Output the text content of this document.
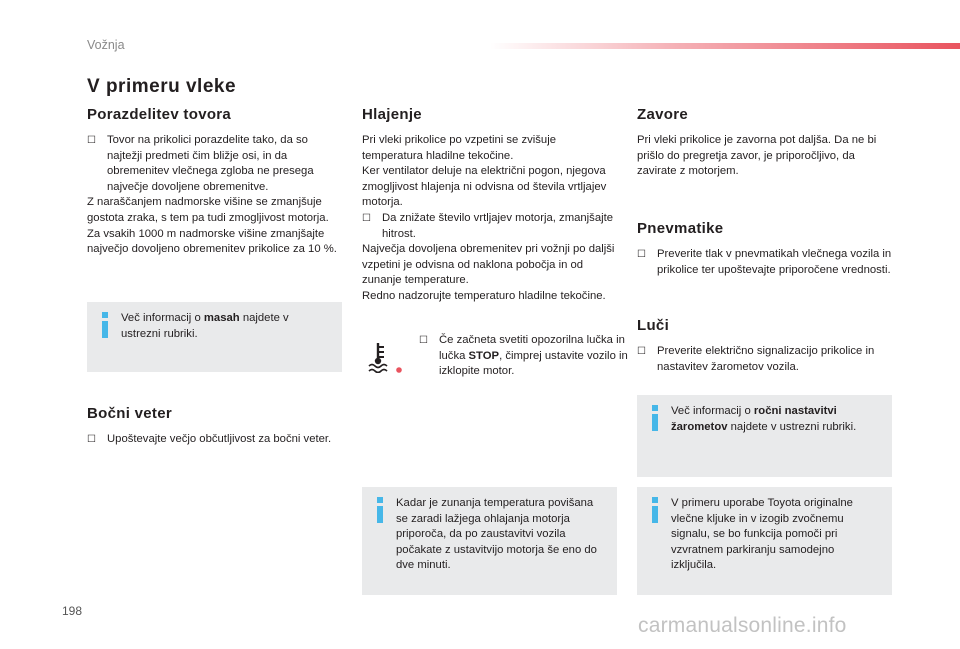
Vožnja
V primeru vleke
Porazdelitev tovora
☐ Tovor na prikolici porazdelite tako, da so najtežji predmeti čim bližje osi, in da obremenitev vlečnega zgloba ne presega največje dovoljene obremenitve.

Z naraščanjem nadmorske višine se zmanjšuje gostota zraka, s tem pa tudi zmogljivost motorja. Za vsakih 1000 m nadmorske višine zmanjšajte največjo dovoljeno obremenitev prikolice za 10 %.

Več informacij o masah najdete v ustrezni rubriki.
Bočni veter
☐ Upoštevajte večjo občutljivost za bočni veter.
Hlajenje

Pri vleki prikolice po vzpetini se zvišuje temperatura hladilne tekočine.

Ker ventilator deluje na električni pogon, njegova zmogljivost hlajenja ni odvisna od števila vrtljajev motorja.

☐ Da znižate število vrtljajev motorja, zmanjšajte hitrost.

Največja dovoljena obremenitev pri vožnji po daljši vzpetini je odvisna od naklona pobočja in od zunanje temperature.

Redno nadzorujte temperaturo hladilne tekočine.

☐ Če začneta svetiti opozorilna lučka in lučka STOP, čimprej ustavite vozilo in izklopite motor.
Kadar je zunanja temperatura povišana se zaradi lažjega ohlajanja motorja priporoča, da po zaustavitvi vozila počakate z ustavitvijo motorja še eno do dve minuti.
Zavore

Pri vleki prikolice je zavorna pot daljša. Da ne bi prišlo do pregretja zavor, je priporočljivo, da zavirate z motorjem.

Pnevmatike
☐ Preverite tlak v pnevmatikah vlečnega vozila in prikolice ter upoštevajte priporočene vrednosti.
Luči
☐ Preverite električno signalizacijo prikolice in nastavitev žarometov vozila.
Več informacij o ročni nastavitvi žarometov najdete v ustrezni rubriki.
V primeru uporabe Toyota originalne vlečne kljuke in v izogib zvočnemu signalu, se bo funkcija pomoči pri vzvratnem parkiranju samodejno izključila.
198
carmanualsonline.info
